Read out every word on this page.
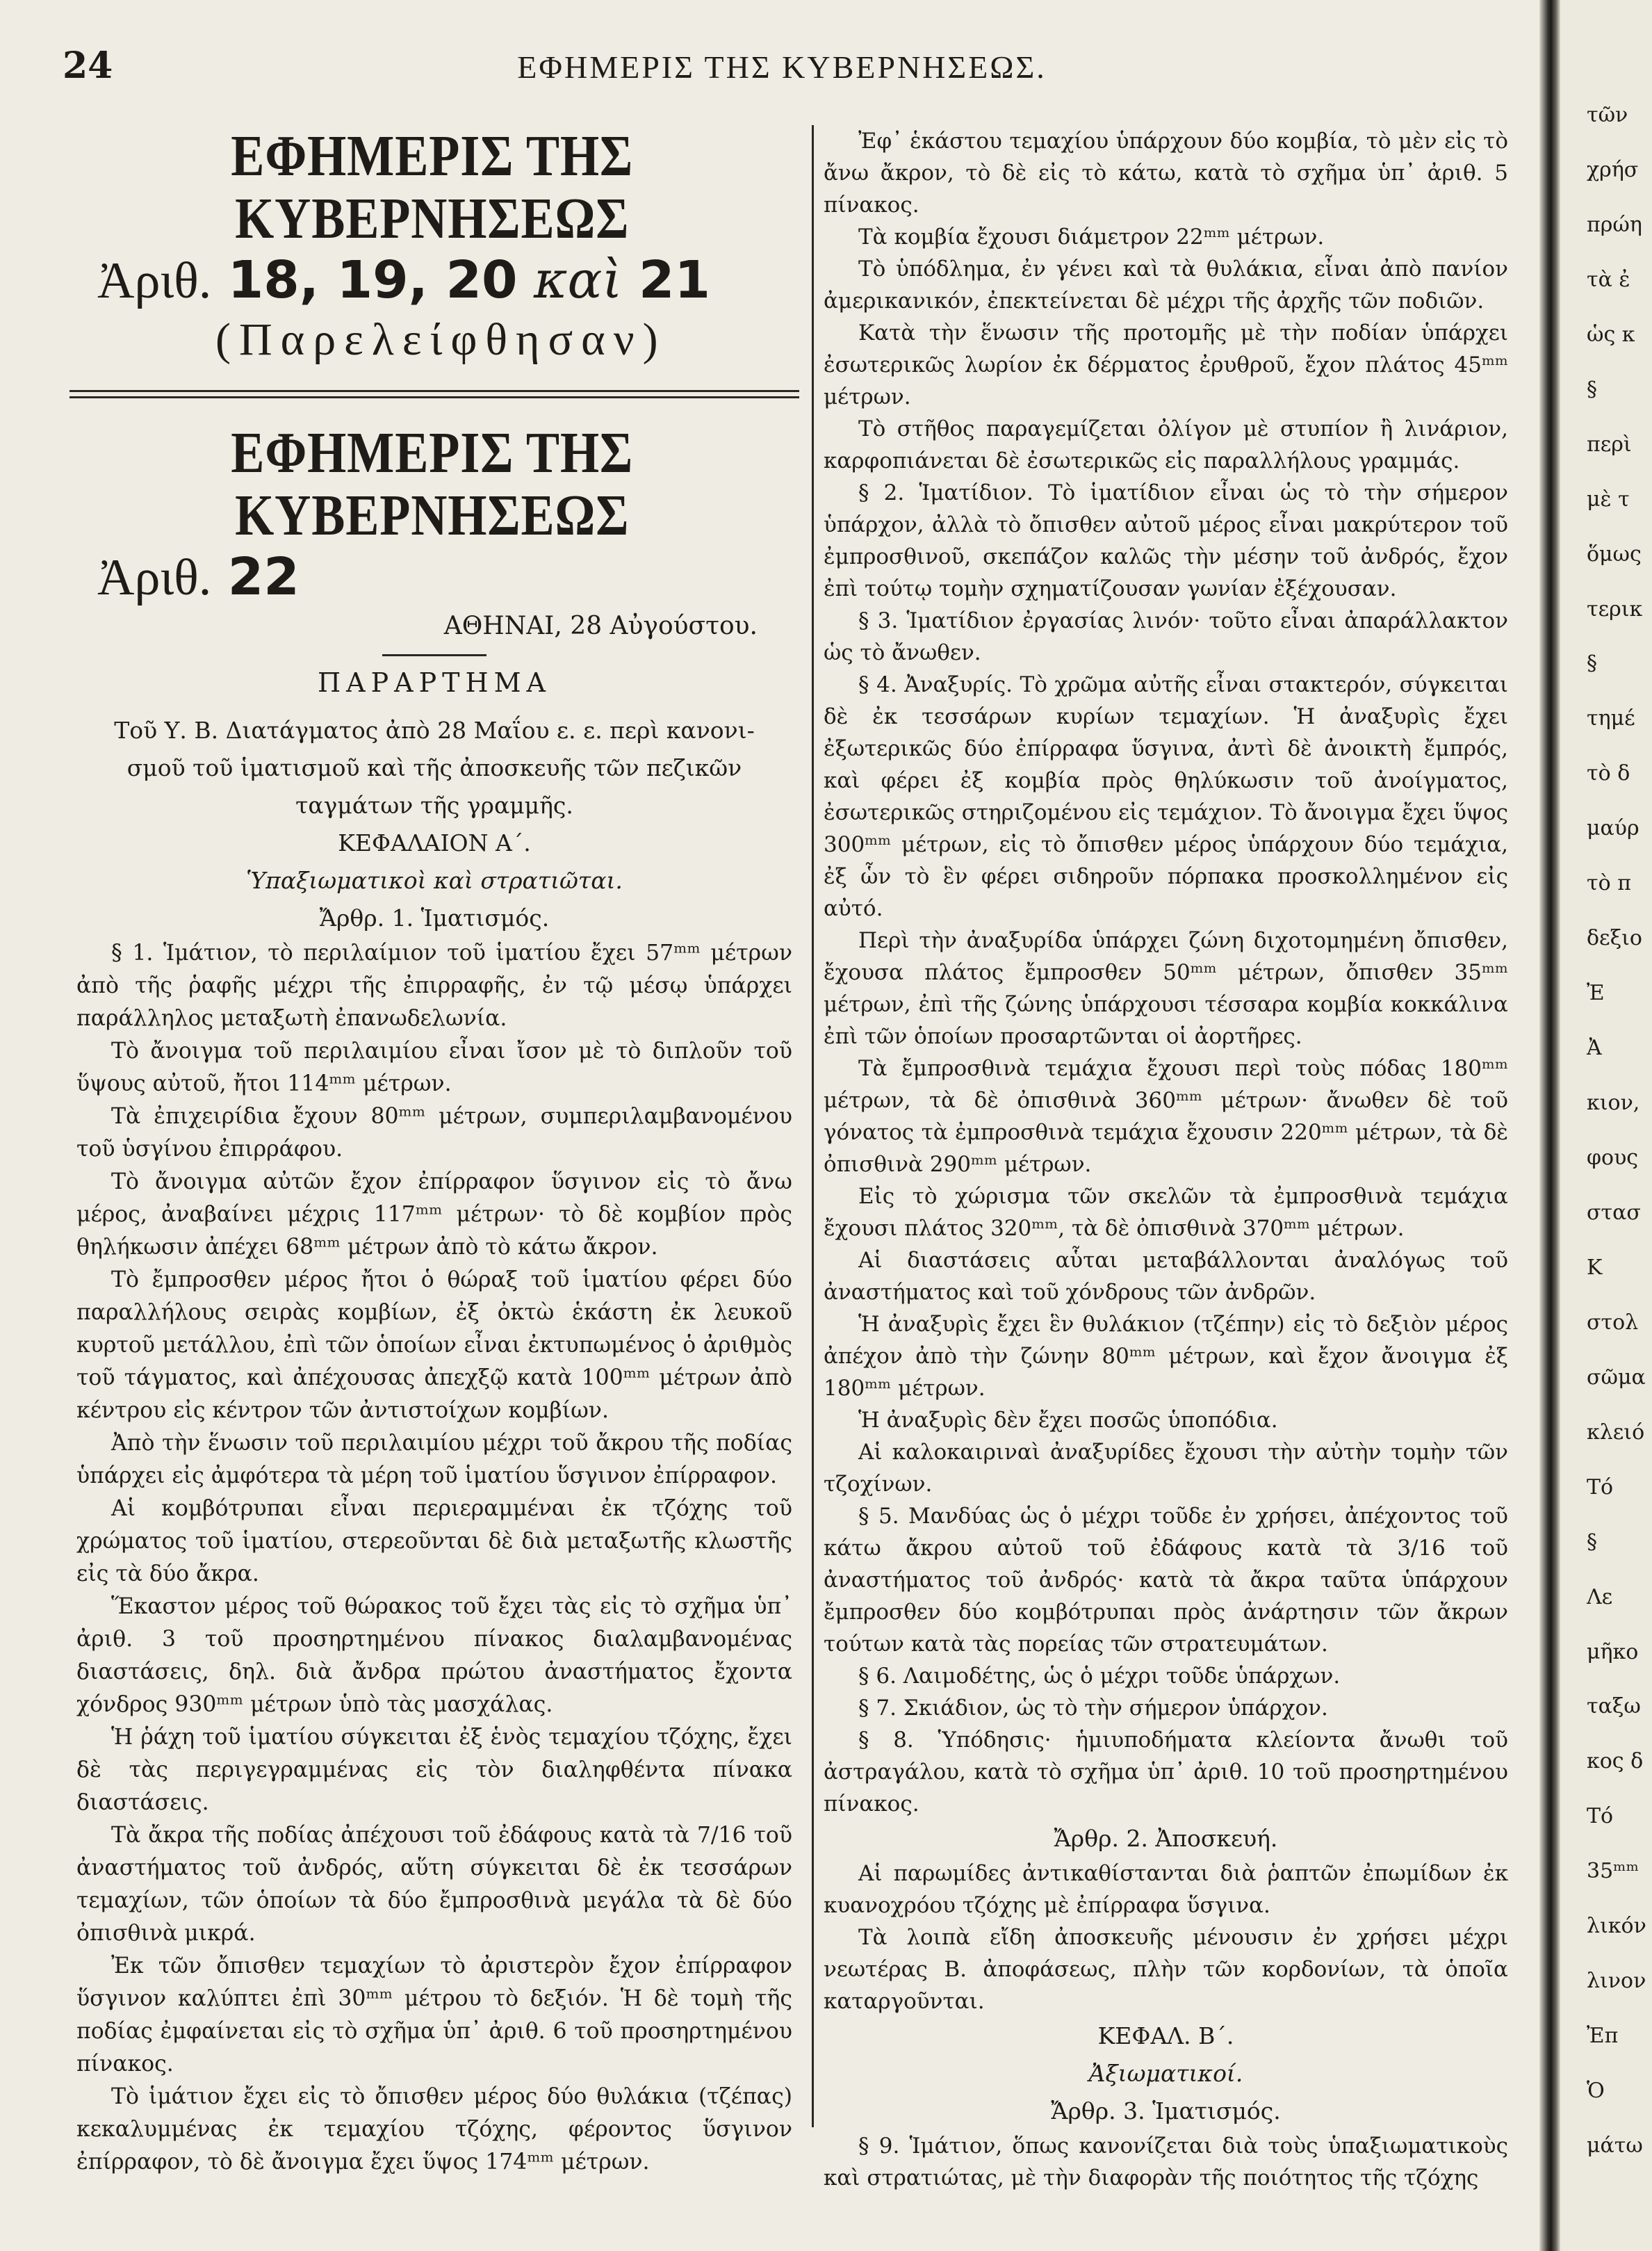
24	ΕΦΗΜΕΡΙΣ ΤΗΣ ΚΥΒΕΡΝΗΣΕΩΣ.
ΕΦΗΜΕΡΙΣ ΤΗΣ ΚΥΒΕΡΝΗΣΕΩΣ
Ἀριθ. 18, 19, 20 καὶ 21
(Παρελείφθησαν)
ΕΦΗΜΕΡΙΣ ΤΗΣ ΚΥΒΕΡΝΗΣΕΩΣ
Ἀριθ. 22
ΑΘΗΝΑΙ, 28 Αὐγούστου.
ΠΑΡΑΡΤΗΜΑ

Τοῦ Υ. Β. Διατάγματος ἀπὸ 28 Μαΐου ε. ε. περὶ κανονι-

σμοῦ τοῦ ἱματισμοῦ καὶ τῆς ἀποσκευῆς τῶν πεζικῶν

ταγμάτων τῆς γραμμῆς.

ΚΕΦΑΛΑΙΟΝ Α΄.

Ὑπαξιωματικοὶ καὶ στρατιῶται.

Ἄρθρ. 1. Ἱματισμός.

§ 1. Ἱμάτιον, τὸ περιλαίμιον τοῦ ἱματίου ἔχει 57ᵐᵐ μέτρων ἀπὸ τῆς ῥαφῆς μέχρι τῆς ἐπιρραφῆς, ἐν τῷ μέσῳ ὑπάρχει παράλληλος μεταξωτὴ ἐπανωδελωνία.

Τὸ ἄνοιγμα τοῦ περιλαιμίου εἶναι ἴσον μὲ τὸ διπλοῦν τοῦ ὕψους αὐτοῦ, ἤτοι 114ᵐᵐ μέτρων.

Τὰ ἐπιχειρίδια ἔχουν 80ᵐᵐ μέτρων, συμπεριλαμβανομένου τοῦ ὑσγίνου ἐπιρράφου.

Τὸ ἄνοιγμα αὐτῶν ἔχον ἐπίρραφον ὕσγινον εἰς τὸ ἄνω μέρος, ἀναβαίνει μέχρις 117ᵐᵐ μέτρων· τὸ δὲ κομβίον πρὸς θηλήκωσιν ἀπέχει 68ᵐᵐ μέτρων ἀπὸ τὸ κάτω ἄκρον.

Τὸ ἔμπροσθεν μέρος ἤτοι ὁ θώραξ τοῦ ἱματίου φέρει δύο παραλλήλους σειρὰς κομβίων, ἐξ ὀκτὼ ἑκάστη ἐκ λευκοῦ κυρτοῦ μετάλλου, ἐπὶ τῶν ὁποίων εἶναι ἐκτυπωμένος ὁ ἀριθμὸς τοῦ τάγματος, καὶ ἀπέχουσας ἀπεχξῷ κατὰ 100ᵐᵐ μέτρων ἀπὸ κέντρου εἰς κέντρον τῶν ἀντιστοίχων κομβίων.

Ἀπὸ τὴν ἕνωσιν τοῦ περιλαιμίου μέχρι τοῦ ἄκρου τῆς ποδίας ὑπάρχει εἰς ἀμφότερα τὰ μέρη τοῦ ἱματίου ὕσγινον ἐπίρραφον.

Αἱ κομβότρυπαι εἶναι περιεραμμέναι ἐκ τζόχης τοῦ χρώματος τοῦ ἱματίου, στερεοῦνται δὲ διὰ μεταξωτῆς κλωστῆς εἰς τὰ δύο ἄκρα.

Ἕκαστον μέρος τοῦ θώρακος τοῦ ἔχει τὰς εἰς τὸ σχῆμα ὑπ᾽ ἀριθ. 3 τοῦ προσηρτημένου πίνακος διαλαμβανομένας διαστάσεις, δηλ. διὰ ἄνδρα πρώτου ἀναστήματος ἔχοντα χόνδρος 930ᵐᵐ μέτρων ὑπὸ τὰς μασχάλας.

Ἡ ῥάχη τοῦ ἱματίου σύγκειται ἐξ ἑνὸς τεμαχίου τζόχης, ἔχει δὲ τὰς περιγεγραμμένας εἰς τὸν διαληφθέντα πίνακα διαστάσεις.

Τὰ ἄκρα τῆς ποδίας ἀπέχουσι τοῦ ἐδάφους κατὰ τὰ 7/16 τοῦ ἀναστήματος τοῦ ἀνδρός, αὕτη σύγκειται δὲ ἐκ τεσσάρων τεμαχίων, τῶν ὁποίων τὰ δύο ἔμπροσθινὰ μεγάλα τὰ δὲ δύο ὀπισθινὰ μικρά.

Ἐκ τῶν ὄπισθεν τεμαχίων τὸ ἀριστερὸν ἔχον ἐπίρραφον ὕσγινον καλύπτει ἐπὶ 30ᵐᵐ μέτρου τὸ δεξιόν. Ἡ δὲ τομὴ τῆς ποδίας ἐμφαίνεται εἰς τὸ σχῆμα ὑπ᾽ ἀριθ. 6 τοῦ προσηρτημένου πίνακος.

Τὸ ἱμάτιον ἔχει εἰς τὸ ὄπισθεν μέρος δύο θυλάκια (τζέπας) κεκαλυμμένας ἐκ τεμαχίου τζόχης, φέροντος ὕσγινον ἐπίρραφον, τὸ δὲ ἄνοιγμα ἔχει ὕψος 174ᵐᵐ μέτρων.

Ἐφ᾽ ἑκάστου τεμαχίου ὑπάρχουν δύο κομβία, τὸ μὲν εἰς τὸ ἄνω ἄκρον, τὸ δὲ εἰς τὸ κάτω, κατὰ τὸ σχῆμα ὑπ᾽ ἀριθ. 5 πίνακος.

Τὰ κομβία ἔχουσι διάμετρον 22ᵐᵐ μέτρων.

Τὸ ὑπόδλημα, ἐν γένει καὶ τὰ θυλάκια, εἶναι ἀπὸ πανίον ἀμερικανικόν, ἐπεκτείνεται δὲ μέχρι τῆς ἀρχῆς τῶν ποδιῶν.

Κατὰ τὴν ἕνωσιν τῆς προτομῆς μὲ τὴν ποδίαν ὑπάρχει ἐσωτερικῶς λωρίον ἐκ δέρματος ἐρυθροῦ, ἔχον πλάτος 45ᵐᵐ μέτρων.

Τὸ στῆθος παραγεμίζεται ὀλίγον μὲ στυπίον ἢ λινάριον, καρφοπιάνεται δὲ ἐσωτερικῶς εἰς παραλλήλους γραμμάς.

§ 2. Ἱματίδιον. Τὸ ἱματίδιον εἶναι ὡς τὸ τὴν σήμερον ὑπάρχον, ἀλλὰ τὸ ὄπισθεν αὐτοῦ μέρος εἶναι μακρύτερον τοῦ ἐμπροσθινοῦ, σκεπάζον καλῶς τὴν μέσην τοῦ ἀνδρός, ἔχον ἐπὶ τούτῳ τομὴν σχηματίζουσαν γωνίαν ἐξέχουσαν.

§ 3. Ἱματίδιον ἐργασίας λινόν· τοῦτο εἶναι ἀπαράλλακτον ὡς τὸ ἄνωθεν.

§ 4. Ἀναξυρίς. Τὸ χρῶμα αὐτῆς εἶναι στακτερόν, σύγκειται δὲ ἐκ τεσσάρων κυρίων τεμαχίων. Ἡ ἀναξυρὶς ἔχει ἐξωτερικῶς δύο ἐπίρραφα ὕσγινα, ἀντὶ δὲ ἀνοικτὴ ἔμπρός, καὶ φέρει ἐξ κομβία πρὸς θηλύκωσιν τοῦ ἀνοίγματος, ἐσωτερικῶς στηριζομένου εἰς τεμάχιον. Τὸ ἄνοιγμα ἔχει ὕψος 300ᵐᵐ μέτρων, εἰς τὸ ὄπισθεν μέρος ὑπάρχουν δύο τεμάχια, ἐξ ὧν τὸ ἓν φέρει σιδηροῦν πόρπακα προσκολλημένον εἰς αὐτό.

Περὶ τὴν ἀναξυρίδα ὑπάρχει ζώνη διχοτομημένη ὄπισθεν, ἔχουσα πλάτος ἔμπροσθεν 50ᵐᵐ μέτρων, ὄπισθεν 35ᵐᵐ μέτρων, ἐπὶ τῆς ζώνης ὑπάρχουσι τέσσαρα κομβία κοκκάλινα ἐπὶ τῶν ὁποίων προσαρτῶνται οἱ ἀορτῆρες.

Τὰ ἔμπροσθινὰ τεμάχια ἔχουσι περὶ τοὺς πόδας 180ᵐᵐ μέτρων, τὰ δὲ ὀπισθινὰ 360ᵐᵐ μέτρων· ἄνωθεν δὲ τοῦ γόνατος τὰ ἐμπροσθινὰ τεμάχια ἔχουσιν 220ᵐᵐ μέτρων, τὰ δὲ ὀπισθινὰ 290ᵐᵐ μέτρων.

Εἰς τὸ χώρισμα τῶν σκελῶν τὰ ἐμπροσθινὰ τεμάχια ἔχουσι πλάτος 320ᵐᵐ, τὰ δὲ ὀπισθινὰ 370ᵐᵐ μέτρων.

Αἱ διαστάσεις αὗται μεταβάλλονται ἀναλόγως τοῦ ἀναστήματος καὶ τοῦ χόνδρους τῶν ἀνδρῶν.

Ἡ ἀναξυρὶς ἔχει ἓν θυλάκιον (τζέπην) εἰς τὸ δεξιὸν μέρος ἀπέχον ἀπὸ τὴν ζώνην 80ᵐᵐ μέτρων, καὶ ἔχον ἄνοιγμα ἐξ 180ᵐᵐ μέτρων.

Ἡ ἀναξυρὶς δὲν ἔχει ποσῶς ὑποπόδια.

Αἱ καλοκαιριναὶ ἀναξυρίδες ἔχουσι τὴν αὐτὴν τομὴν τῶν τζοχίνων.

§ 5. Μανδύας ὡς ὁ μέχρι τοῦδε ἐν χρήσει, ἀπέχοντος τοῦ κάτω ἄκρου αὐτοῦ τοῦ ἐδάφους κατὰ τὰ 3/16 τοῦ ἀναστήματος τοῦ ἀνδρός· κατὰ τὰ ἄκρα ταῦτα ὑπάρχουν ἔμπροσθεν δύο κομβότρυπαι πρὸς ἀνάρτησιν τῶν ἄκρων τούτων κατὰ τὰς πορείας τῶν στρατευμάτων.

§ 6. Λαιμοδέτης, ὡς ὁ μέχρι τοῦδε ὑπάρχων.

§ 7. Σκιάδιον, ὡς τὸ τὴν σήμερον ὑπάρχον.

§ 8. Ὑπόδησις· ἡμιυποδήματα κλείοντα ἄνωθι τοῦ ἀστραγάλου, κατὰ τὸ σχῆμα ὑπ᾽ ἀριθ. 10 τοῦ προσηρτημένου πίνακος.

Ἄρθρ. 2. Ἀποσκευή.

Αἱ παρωμίδες ἀντικαθίστανται διὰ ῥαπτῶν ἐπωμίδων ἐκ κυανοχρόου τζόχης μὲ ἐπίρραφα ὕσγινα.

Τὰ λοιπὰ εἴδη ἀποσκευῆς μένουσιν ἐν χρήσει μέχρι νεωτέρας Β. ἀποφάσεως, πλὴν τῶν κορδονίων, τὰ ὁποῖα καταργοῦνται.

ΚΕΦΑΛ. Β΄.

Ἀξιωματικοί.

Ἄρθρ. 3. Ἱματισμός.

§ 9. Ἱμάτιον, ὅπως κανονίζεται διὰ τοὺς ὑπαξιωματικοὺς καὶ στρατιώτας, μὲ τὴν διαφορὰν τῆς ποιότητος τῆς τζόχης

τῶν
χρήσ
πρώη
τὰ ἐ
ὡς κ
§
περὶ
μὲ τ
ὅμως
τερικ
§
τημέ
τὸ δ
μαύρ
τὸ π
δεξιο
Ἐ
Ἀ
κιον,
φους
στασ
Κ
στολ
σῶμα
κλειό
Τό
§
Λε
μῆκο
ταξω
κος δ
Τό
35ᵐᵐ
λικόν
λινον
Ἐπ
Ὁ
μάτω
